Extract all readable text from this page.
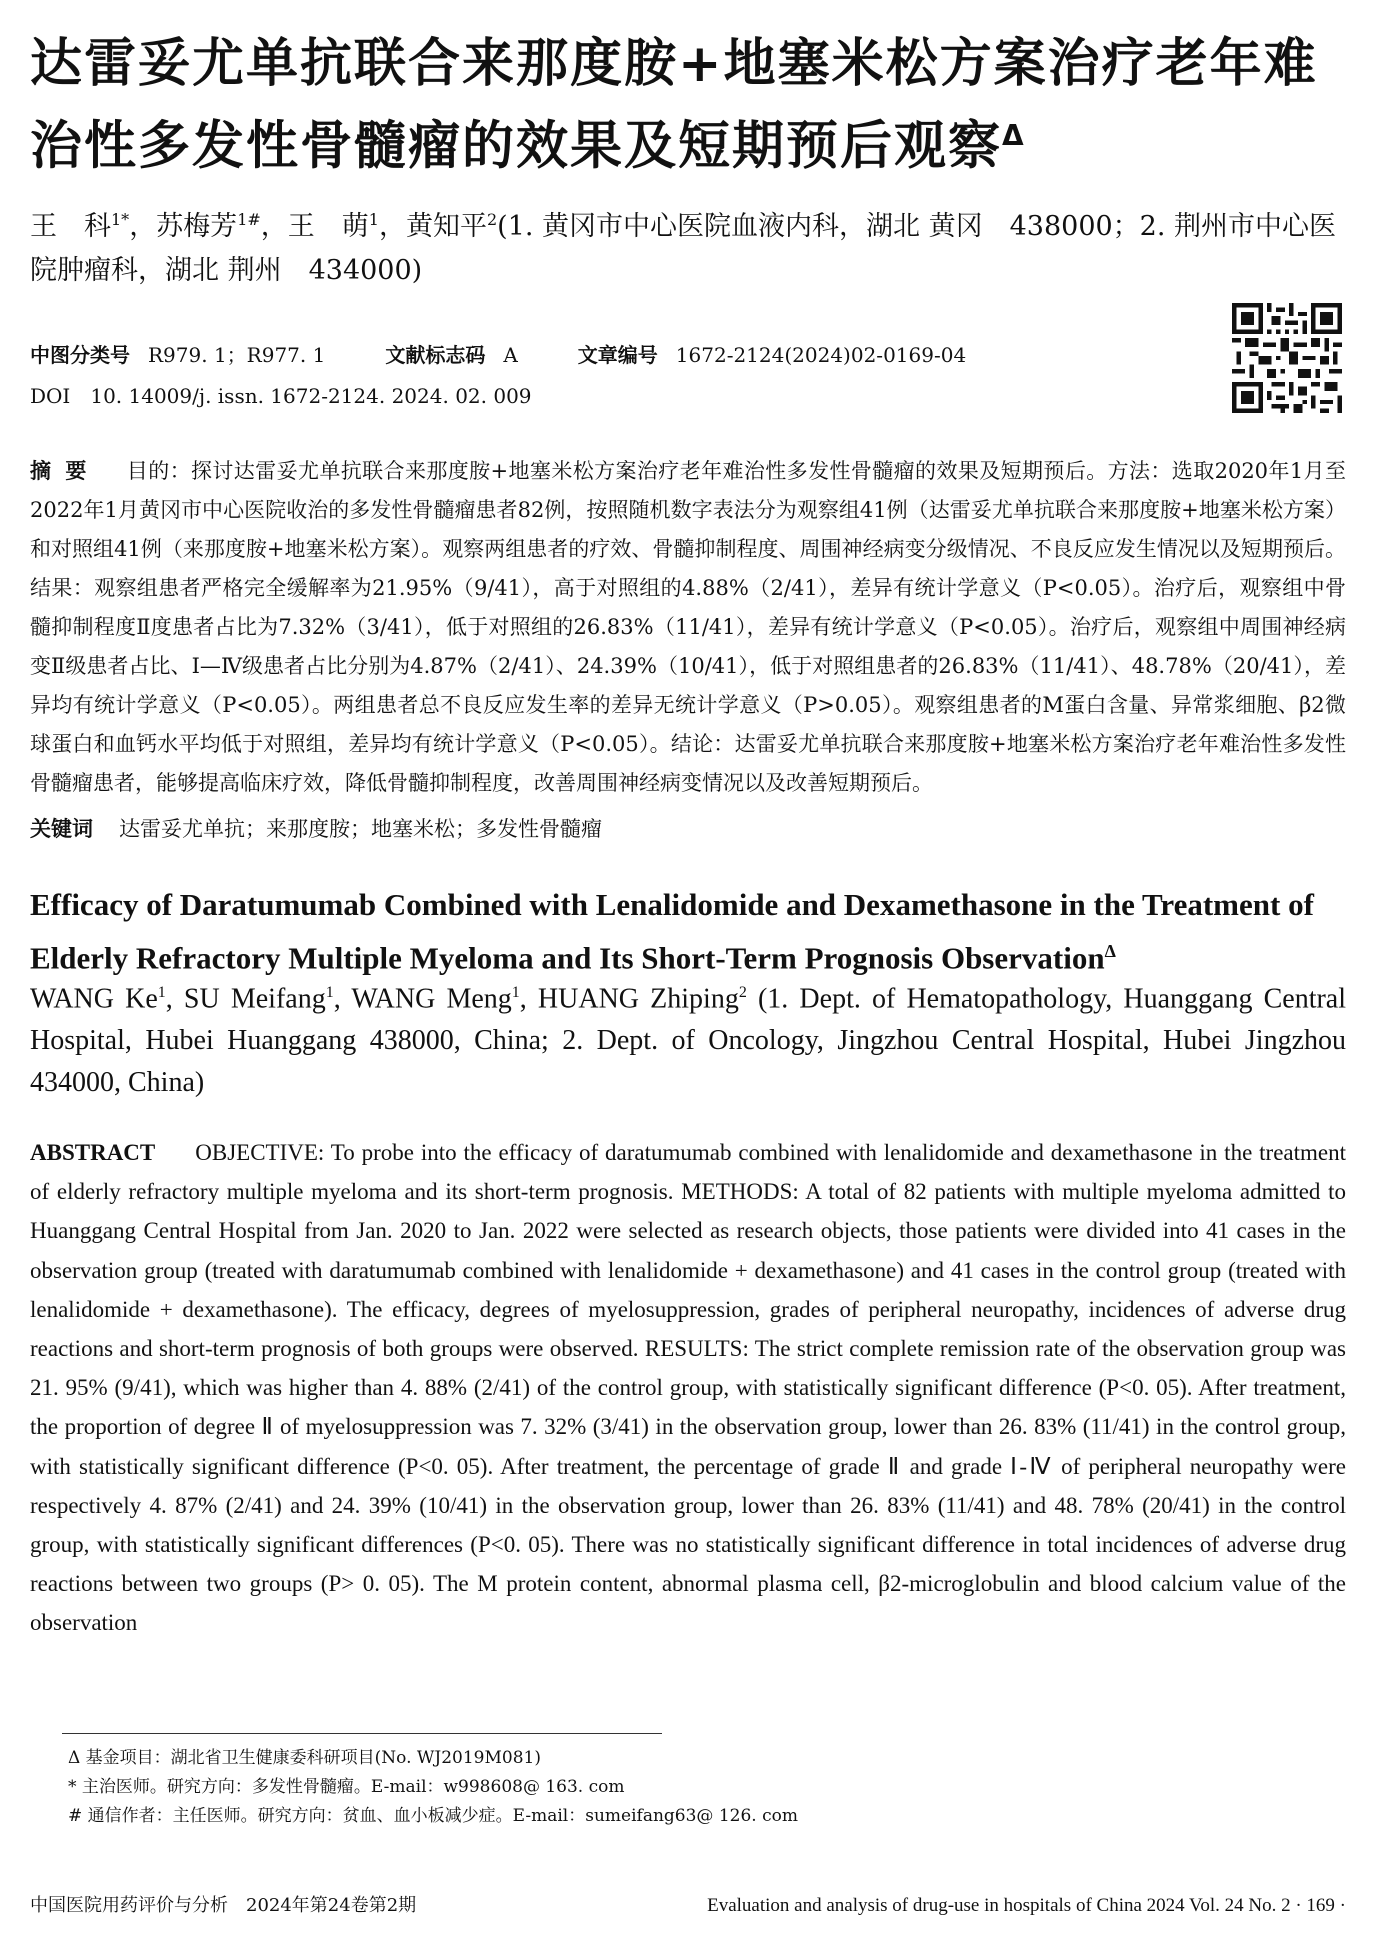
达雷妥尤单抗联合来那度胺+地塞米松方案治疗老年难治性多发性骨髓瘤的效果及短期预后观察$^\Delta$

王　科$^{1*}$，苏梅芳$^{1\#}$，王　萌$^1$，黄知平$^2$(1. 黄冈市中心医院血液内科，湖北 黄冈　438000；2. 荆州市中心医院肿瘤科，湖北 荆州　434000)

中图分类号 R979. 1；R977. 1	文献标志码 A	文章编号 1672-2124(2024)02-0169-04
DOI 10. 14009/j. issn. 1672-2124. 2024. 02. 009

摘要 目的：探讨达雷妥尤单抗联合来那度胺+地塞米松方案治疗老年难治性多发性骨髓瘤的效果及短期预后。方法：选取2020年1月至2022年1月黄冈市中心医院收治的多发性骨髓瘤患者82例，按照随机数字表法分为观察组41例（达雷妥尤单抗联合来那度胺+地塞米松方案）和对照组41例（来那度胺+地塞米松方案）。观察两组患者的疗效、骨髓抑制程度、周围神经病变分级情况、不良反应发生情况以及短期预后。结果：观察组患者严格完全缓解率为21.95%（9/41），高于对照组的4.88%（2/41），差异有统计学意义（P<0.05）。治疗后，观察组中骨髓抑制程度Ⅱ度患者占比为7.32%（3/41），低于对照组的26.83%（11/41），差异有统计学意义（P<0.05）。治疗后，观察组中周围神经病变Ⅱ级患者占比、Ⅰ—Ⅳ级患者占比分别为4.87%（2/41）、24.39%（10/41），低于对照组患者的26.83%（11/41）、48.78%（20/41），差异均有统计学意义（P<0.05）。两组患者总不良反应发生率的差异无统计学意义（P>0.05）。观察组患者的M蛋白含量、异常浆细胞、β2微球蛋白和血钙水平均低于对照组，差异均有统计学意义（P<0.05）。结论：达雷妥尤单抗联合来那度胺+地塞米松方案治疗老年难治性多发性骨髓瘤患者，能够提高临床疗效，降低骨髓抑制程度，改善周围神经病变情况以及改善短期预后。

关键词 达雷妥尤单抗；来那度胺；地塞米松；多发性骨髓瘤
Efficacy of Daratumumab Combined with Lenalidomide and Dexamethasone in the Treatment of Elderly Refractory Multiple Myeloma and Its Short-Term Prognosis Observation$^\Delta$

WANG Ke$^1$, SU Meifang$^1$, WANG Meng$^1$, HUANG Zhiping$^2$ (1. Dept. of Hematopathology, Huanggang Central Hospital, Hubei Huanggang 438000, China; 2. Dept. of Oncology, Jingzhou Central Hospital, Hubei Jingzhou 434000, China)

ABSTRACT OBJECTIVE: To probe into the efficacy of daratumumab combined with lenalidomide and dexamethasone in the treatment of elderly refractory multiple myeloma and its short-term prognosis. METHODS: A total of 82 patients with multiple myeloma admitted to Huanggang Central Hospital from Jan. 2020 to Jan. 2022 were selected as research objects, those patients were divided into 41 cases in the observation group (treated with daratumumab combined with lenalidomide + dexamethasone) and 41 cases in the control group (treated with lenalidomide + dexamethasone). The efficacy, degrees of myelosuppression, grades of peripheral neuropathy, incidences of adverse drug reactions and short-term prognosis of both groups were observed. RESULTS: The strict complete remission rate of the observation group was 21. 95% (9/41), which was higher than 4. 88% (2/41) of the control group, with statistically significant difference (P<0. 05). After treatment, the proportion of degree Ⅱ of myelosuppression was 7. 32% (3/41) in the observation group, lower than 26. 83% (11/41) in the control group, with statistically significant difference (P<0. 05). After treatment, the percentage of grade Ⅱ and grade Ⅰ-Ⅳ of peripheral neuropathy were respectively 4. 87% (2/41) and 24. 39% (10/41) in the observation group, lower than 26. 83% (11/41) and 48. 78% (20/41) in the control group, with statistically significant differences (P<0. 05). There was no statistically significant difference in total incidences of adverse drug reactions between two groups (P> 0. 05). The M protein content, abnormal plasma cell, β2-microglobulin and blood calcium value of the observation

Δ 基金项目：湖北省卫生健康委科研项目(No. WJ2019M081)
* 主治医师。研究方向：多发性骨髓瘤。E-mail：w998608@ 163. com
# 通信作者：主任医师。研究方向：贫血、血小板减少症。E-mail：sumeifang63@ 126. com
中国医院用药评价与分析　2024年第24卷第2期	Evaluation and analysis of drug-use in hospitals of China 2024 Vol. 24 No. 2 · 169 ·
